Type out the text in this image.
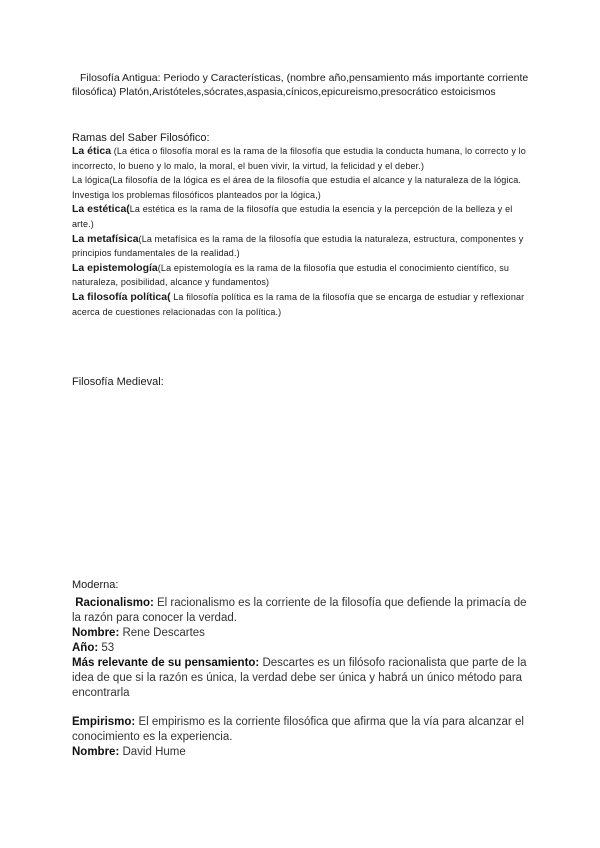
Filosofía Antigua: Periodo y Características, (nombre año,pensamiento más importante corriente filosófica) Platón,Aristóteles,sócrates,aspasia,cínicos,epicureismo,presocrático estoicismos

Ramas del Saber Filosófico:

La ética (La ética o filosofía moral es la rama de la filosofía que estudia la conducta humana, lo correcto y lo incorrecto, lo bueno y lo malo, la moral, el buen vivir, la virtud, la felicidad y el deber.)

La lógica(La filosofía de la lógica es el área de la filosofía que estudia el alcance y la naturaleza de la lógica. Investiga los problemas filosóficos planteados por la lógica,)

La estética(La estética es la rama de la filosofía que estudia la esencia y la percepción de la belleza y el arte.)

La metafísica(La metafísica es la rama de la filosofía que estudia la naturaleza, estructura, componentes y principios fundamentales de la realidad.)

La epistemología(La epistemología es la rama de la filosofía que estudia el conocimiento científico, su naturaleza, posibilidad, alcance y fundamentos)

La filosofía política( La filosofía política es la rama de la filosofía que se encarga de estudiar y reflexionar acerca de cuestiones relacionadas con la política.)

Filosofía Medieval:

Moderna:

Racionalismo: El racionalismo es la corriente de la filosofía que defiende la primacía de la razón para conocer la verdad.

Nombre: Rene Descartes

Año: 53

Más relevante de su pensamiento: Descartes es un filósofo racionalista que parte de la idea de que si la razón es única, la verdad debe ser única y habrá un único método para encontrarla

Empirismo: El empirismo es la corriente filosófica que afirma que la vía para alcanzar el conocimiento es la experiencia.

Nombre: David Hume
